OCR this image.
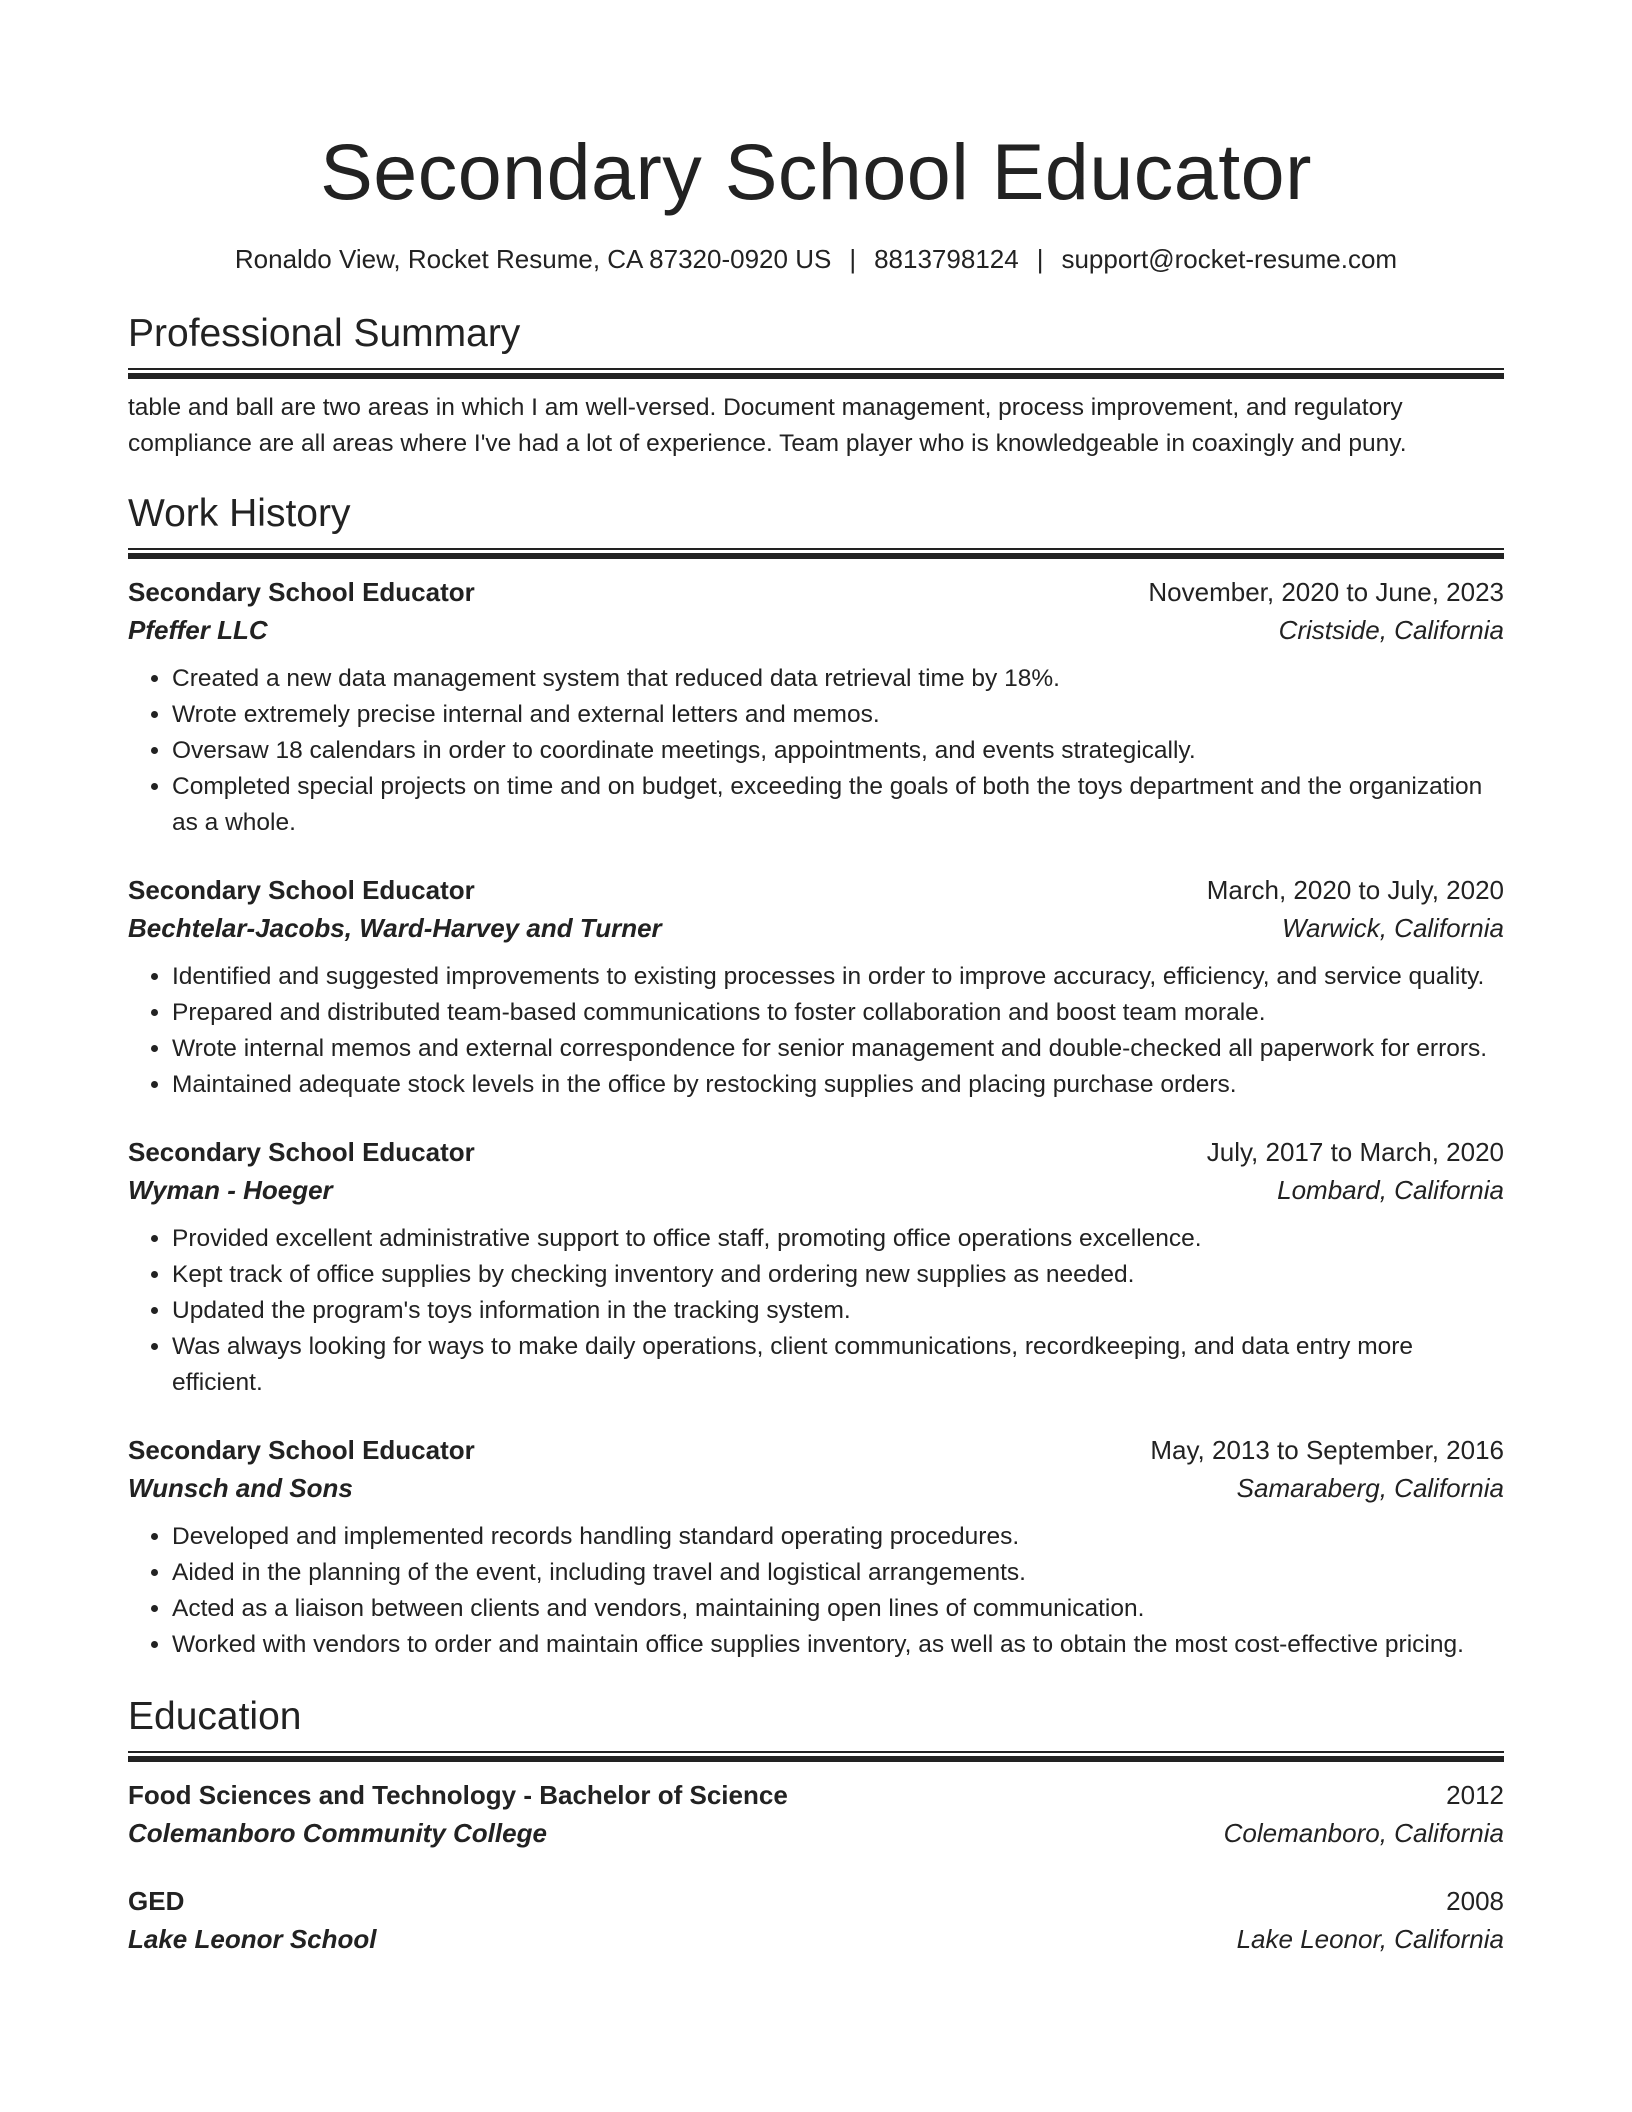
Secondary School Educator
Ronaldo View, Rocket Resume, CA 87320-0920 US | 8813798124 | support@rocket-resume.com
Professional Summary
table and ball are two areas in which I am well-versed. Document management, process improvement, and regulatory compliance are all areas where I've had a lot of experience. Team player who is knowledgeable in coaxingly and puny.
Work History
Secondary School Educator	November, 2020 to June, 2023
Pfeffer LLC	Cristside, California
• Created a new data management system that reduced data retrieval time by 18%.
• Wrote extremely precise internal and external letters and memos.
• Oversaw 18 calendars in order to coordinate meetings, appointments, and events strategically.
• Completed special projects on time and on budget, exceeding the goals of both the toys department and the organization as a whole.
Secondary School Educator	March, 2020 to July, 2020
Bechtelar-Jacobs, Ward-Harvey and Turner	Warwick, California
• Identified and suggested improvements to existing processes in order to improve accuracy, efficiency, and service quality.
• Prepared and distributed team-based communications to foster collaboration and boost team morale.
• Wrote internal memos and external correspondence for senior management and double-checked all paperwork for errors.
• Maintained adequate stock levels in the office by restocking supplies and placing purchase orders.
Secondary School Educator	July, 2017 to March, 2020
Wyman - Hoeger	Lombard, California
• Provided excellent administrative support to office staff, promoting office operations excellence.
• Kept track of office supplies by checking inventory and ordering new supplies as needed.
• Updated the program's toys information in the tracking system.
• Was always looking for ways to make daily operations, client communications, recordkeeping, and data entry more efficient.
Secondary School Educator	May, 2013 to September, 2016
Wunsch and Sons	Samaraberg, California
• Developed and implemented records handling standard operating procedures.
• Aided in the planning of the event, including travel and logistical arrangements.
• Acted as a liaison between clients and vendors, maintaining open lines of communication.
• Worked with vendors to order and maintain office supplies inventory, as well as to obtain the most cost-effective pricing.
Education
Food Sciences and Technology - Bachelor of Science	2012
Colemanboro Community College	Colemanboro, California
GED	2008
Lake Leonor School	Lake Leonor, California
